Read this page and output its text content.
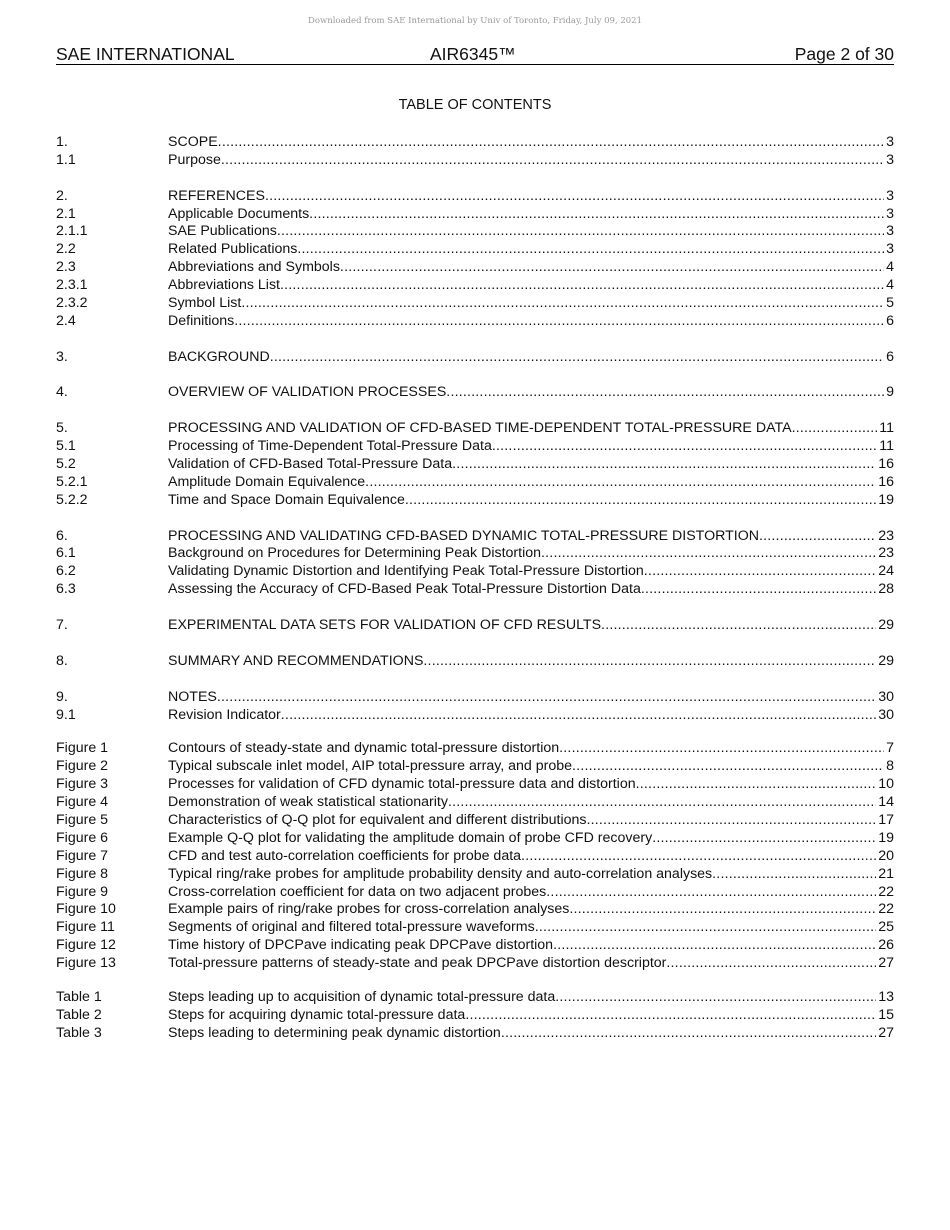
Downloaded from SAE International by Univ of Toronto, Friday, July 09, 2021
SAE INTERNATIONAL	AIR6345™	Page 2 of 30
TABLE OF CONTENTS
1.	SCOPE .....	3
1.1	Purpose .....	3
2.	REFERENCES .....	3
2.1	Applicable Documents .....	3
2.1.1	SAE Publications .....	3
2.2	Related Publications .....	3
2.3	Abbreviations and Symbols .....	4
2.3.1	Abbreviations List .....	4
2.3.2	Symbol List .....	5
2.4	Definitions .....	6
3.	BACKGROUND .....	6
4.	OVERVIEW OF VALIDATION PROCESSES .....	9
5.	PROCESSING AND VALIDATION OF CFD-BASED TIME-DEPENDENT TOTAL-PRESSURE DATA .....	11
5.1	Processing of Time-Dependent Total-Pressure Data .....	11
5.2	Validation of CFD-Based Total-Pressure Data .....	16
5.2.1	Amplitude Domain Equivalence .....	16
5.2.2	Time and Space Domain Equivalence .....	19
6.	PROCESSING AND VALIDATING CFD-BASED DYNAMIC TOTAL-PRESSURE DISTORTION .....	23
6.1	Background on Procedures for Determining Peak Distortion .....	23
6.2	Validating Dynamic Distortion and Identifying Peak Total-Pressure Distortion .....	24
6.3	Assessing the Accuracy of CFD-Based Peak Total-Pressure Distortion Data .....	28
7.	EXPERIMENTAL DATA SETS FOR VALIDATION OF CFD RESULTS .....	29
8.	SUMMARY AND RECOMMENDATIONS .....	29
9.	NOTES .....	30
9.1	Revision Indicator .....	30
Figure 1	Contours of steady-state and dynamic total-pressure distortion .....	7
Figure 2	Typical subscale inlet model, AIP total-pressure array, and probe .....	8
Figure 3	Processes for validation of CFD dynamic total-pressure data and distortion .....	10
Figure 4	Demonstration of weak statistical stationarity .....	14
Figure 5	Characteristics of Q-Q plot for equivalent and different distributions .....	17
Figure 6	Example Q-Q plot for validating the amplitude domain of probe CFD recovery .....	19
Figure 7	CFD and test auto-correlation coefficients for probe data .....	20
Figure 8	Typical ring/rake probes for amplitude probability density and auto-correlation analyses .....	21
Figure 9	Cross-correlation coefficient for data on two adjacent probes .....	22
Figure 10	Example pairs of ring/rake probes for cross-correlation analyses .....	22
Figure 11	Segments of original and filtered total-pressure waveforms .....	25
Figure 12	Time history of DPCPave indicating peak DPCPave distortion .....	26
Figure 13	Total-pressure patterns of steady-state and peak DPCPave distortion descriptor .....	27
Table 1	Steps leading up to acquisition of dynamic total-pressure data .....	13
Table 2	Steps for acquiring dynamic total-pressure data .....	15
Table 3	Steps leading to determining peak dynamic distortion .....	27
